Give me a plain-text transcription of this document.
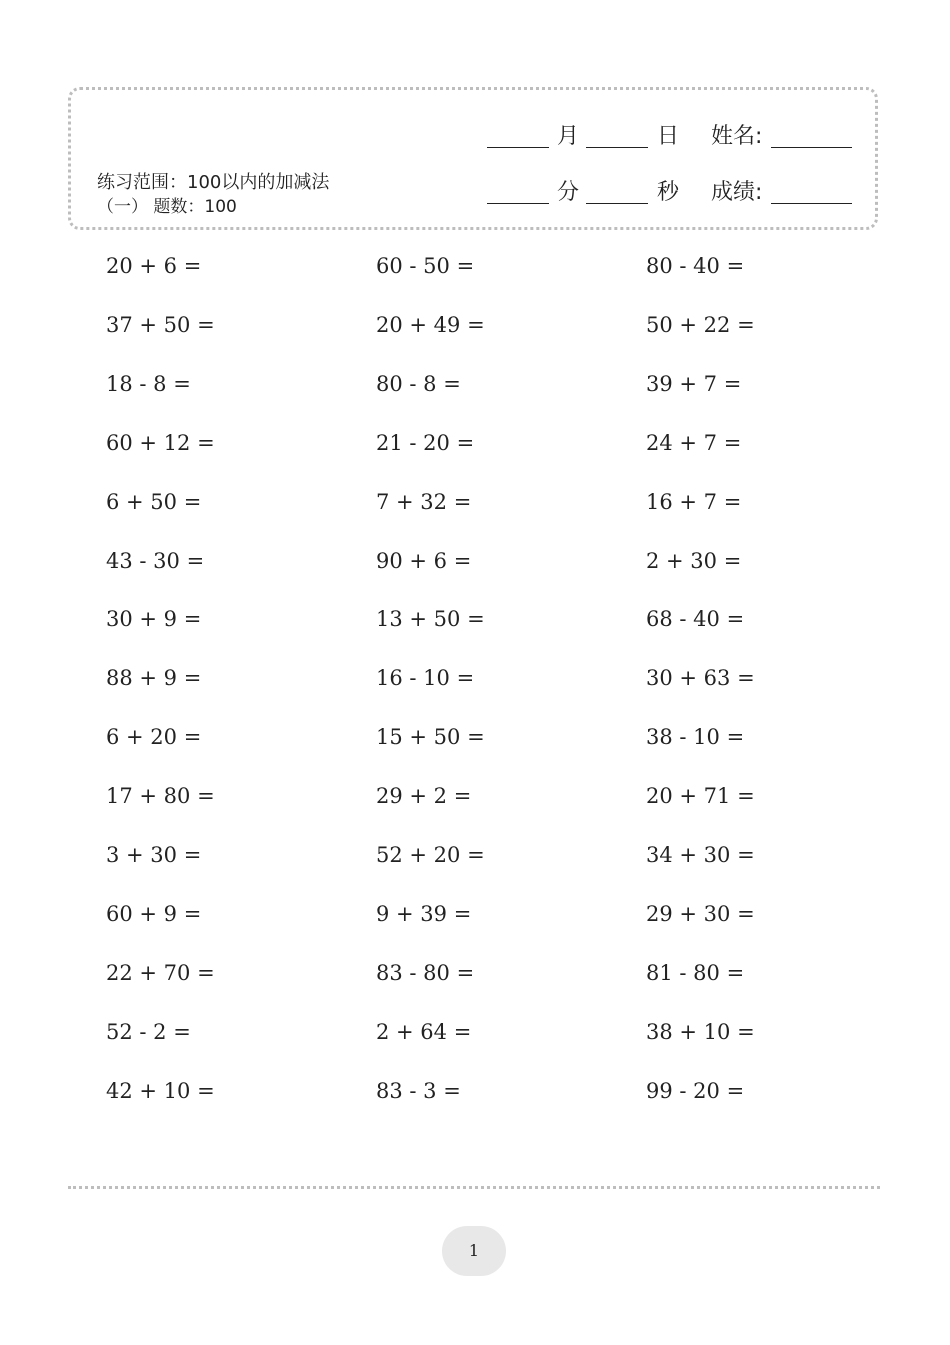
月	日 姓名:
分	秒 成绩:
练习范围：100以内的加减法
（一） 题数：100
20 + 6 =	60 - 50 =	80 - 40 =
37 + 50 =	20 + 49 =	50 + 22 =
18 - 8 =	80 - 8 =	39 + 7 =
60 + 12 =	21 - 20 =	24 + 7 =
6 + 50 =	7 + 32 =	16 + 7 =
43 - 30 =	90 + 6 =	2 + 30 =
30 + 9 =	13 + 50 =	68 - 40 =
88 + 9 =	16 - 10 =	30 + 63 =
6 + 20 =	15 + 50 =	38 - 10 =
17 + 80 =	29 + 2 =	20 + 71 =
3 + 30 =	52 + 20 =	34 + 30 =
60 + 9 =	9 + 39 =	29 + 30 =
22 + 70 =	83 - 80 =	81 - 80 =
52 - 2 =	2 + 64 =	38 + 10 =
42 + 10 =	83 - 3 =	99 - 20 =
1
